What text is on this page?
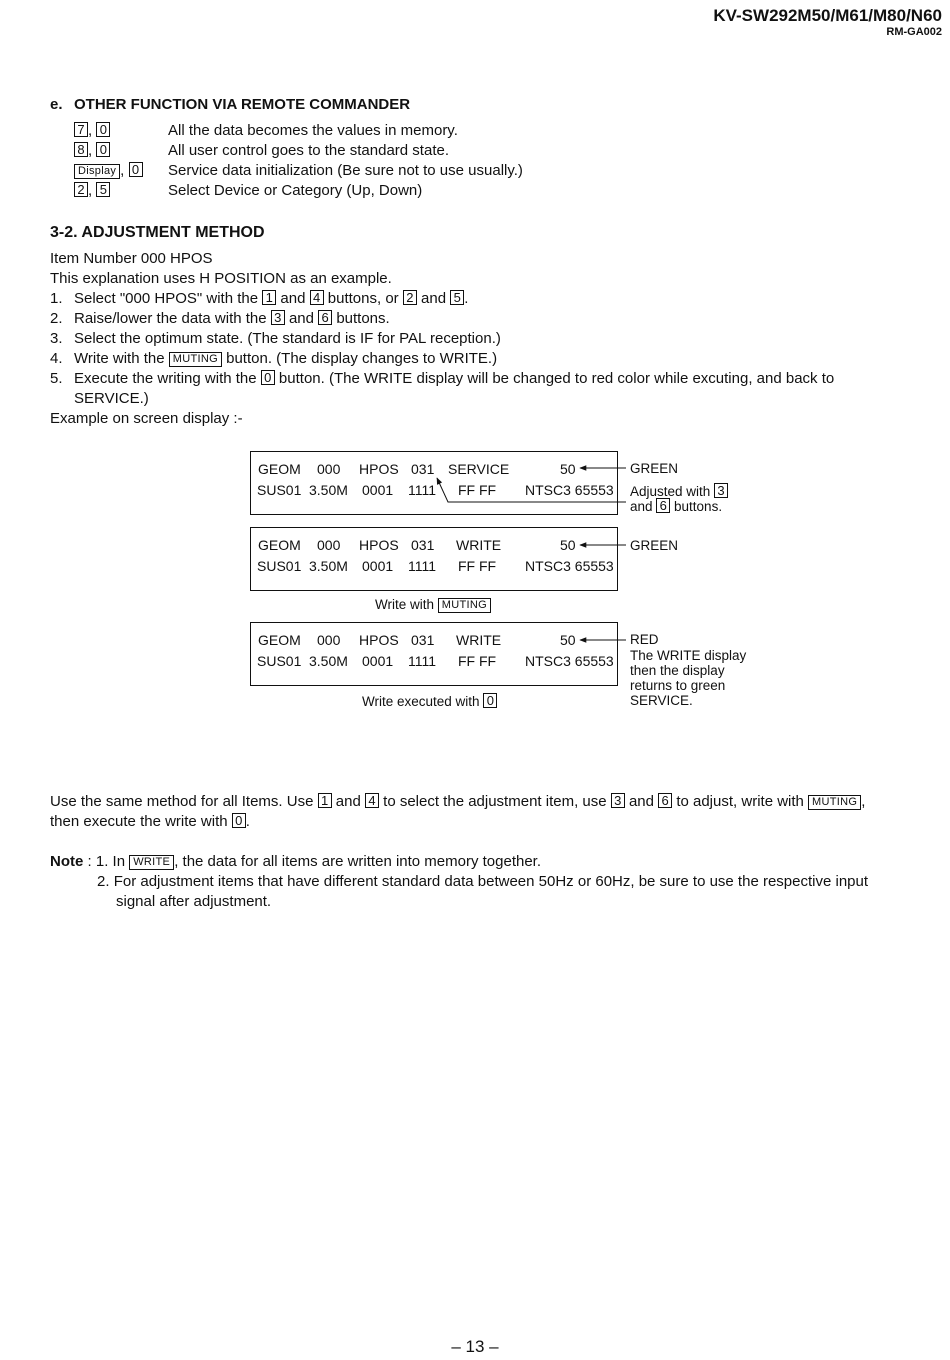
KV-SW292M50/M61/M80/N60
RM-GA002
e. OTHER FUNCTION VIA REMOTE COMMANDER
7 , 0	All the data becomes the values in memory.
8 , 0	All user control goes to the standard state.
Display , 0 Service data initialization (Be sure not to use usually.)
2 , 5	Select Device or Category (Up, Down)
3-2. ADJUSTMENT METHOD
Item Number 000 HPOS
This explanation uses H POSITION as an example.
1. Select "000 HPOS" with the 1 and 4 buttons, or 2 and 5 .
2. Raise/lower the data with the 3 and 6 buttons.
3. Select the optimum state. (The standard is IF for PAL reception.)
4. Write with the MUTING button. (The display changes to WRITE.)
5. Execute the writing with the 0 button. (The WRITE display will be changed to red color while excuting, and back to
SERVICE.)
Example on screen display :-
GEOM 000 HPOS 031 SERVICE	50
SUS01 3.50M 0001 1111 FF FF NTSC3 65553
GEOM 000 HPOS 031 WRITE	50
SUS01 3.50M 0001 1111 FF FF NTSC3 65553
GEOM 000 HPOS 031 WRITE	50
SUS01 3.50M 0001 1111 FF FF NTSC3 65553
GREEN
Adjusted with 3
and 6 buttons.
GREEN
Write with MUTING
RED
The WRITE display
then the display
returns to green
SERVICE.
Write executed with 0
Use the same method for all Items. Use 1 and 4 to select the adjustment item, use 3 and 6 to adjust, write with MUTING ,
then execute the write with 0 .
Note : 1. In WRITE , the data for all items are written into memory together.
2. For adjustment items that have different standard data between 50Hz or 60Hz, be sure to use the respective input
signal after adjustment.
– 13 –
